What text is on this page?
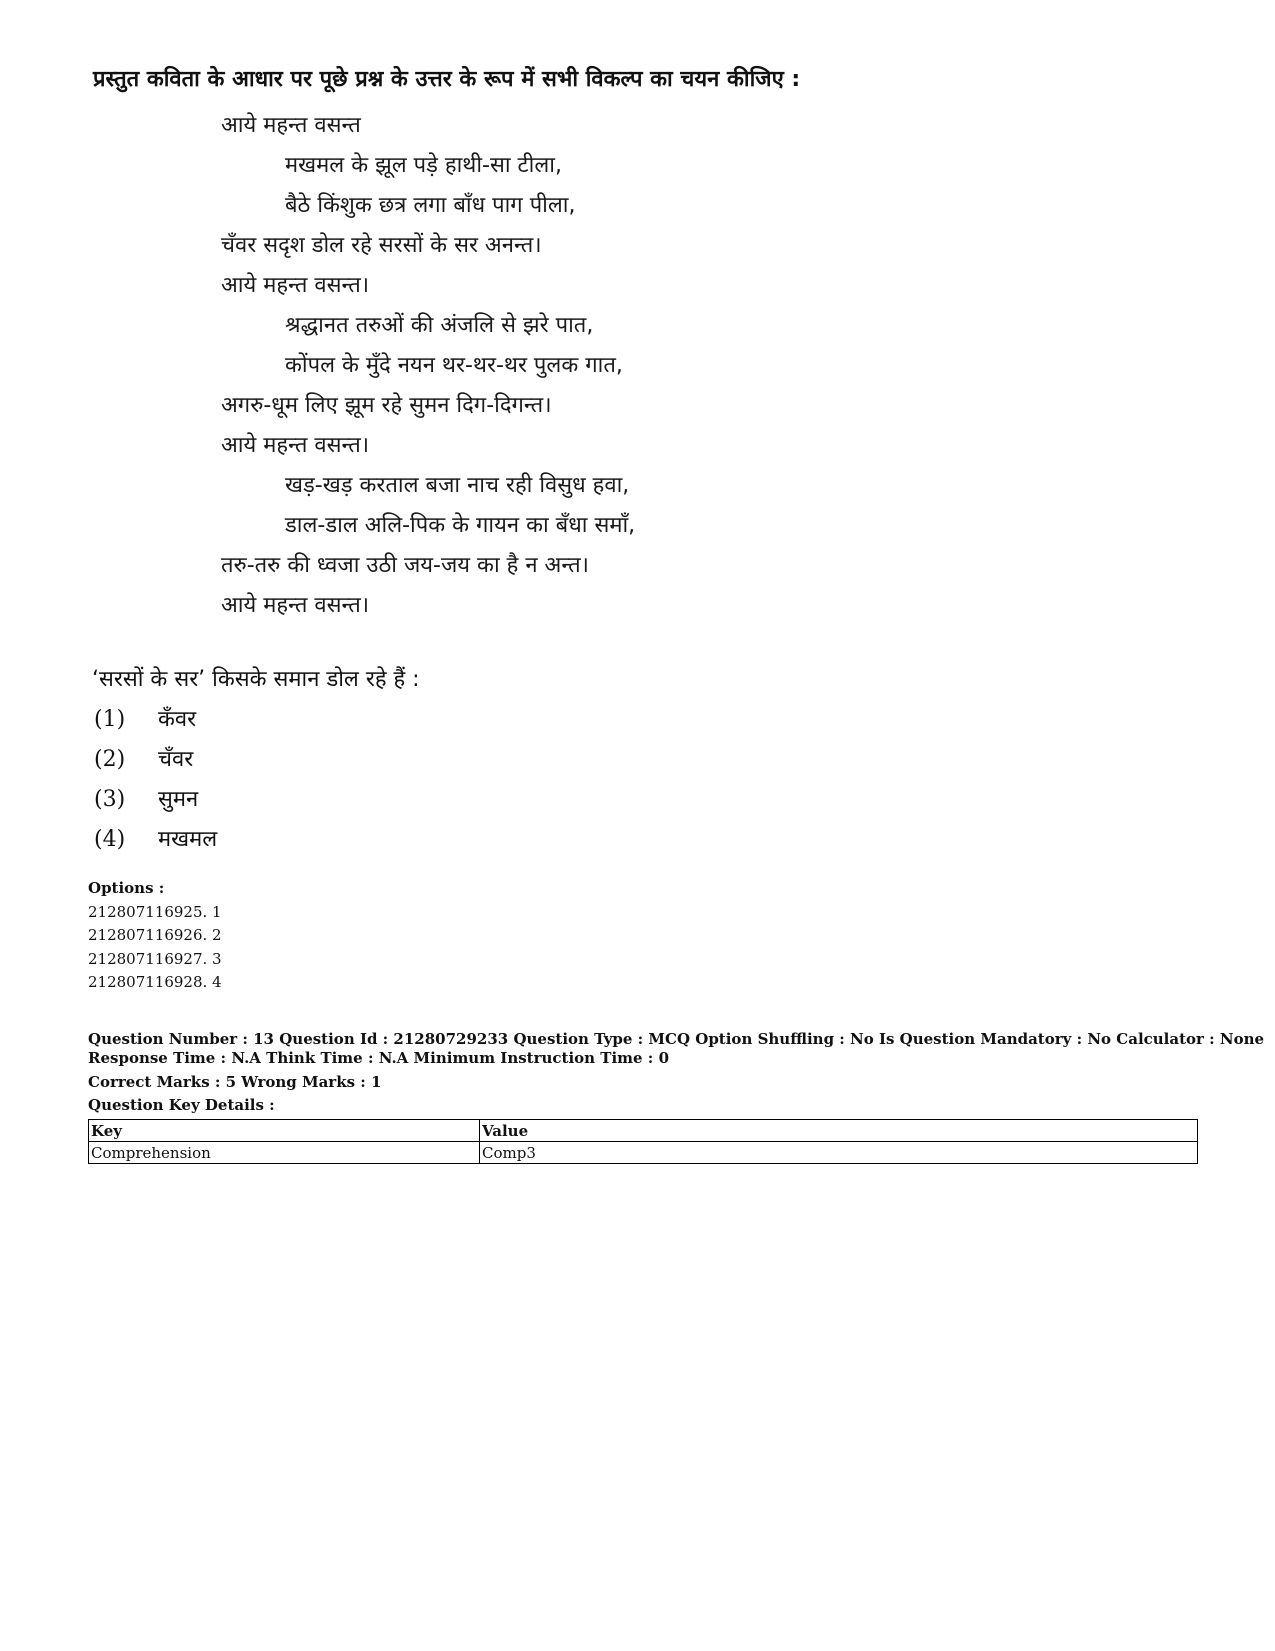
प्रस्तुत कविता के आधार पर पूछे प्रश्न के उत्तर के रूप में सभी विकल्प का चयन कीजिए :
आये महन्त वसन्त
मखमल के झूल पड़े हाथी-सा टीला,
बैठे किंशुक छत्र लगा बाँध पाग पीला,
चँवर सदृश डोल रहे सरसों के सर अनन्त।
आये महन्त वसन्त।
श्रद्धानत तरुओं की अंजलि से झरे पात,
कोंपल के मुँदे नयन थर-थर-थर पुलक गात,
अगरु-धूम लिए झूम रहे सुमन दिग-दिगन्त।
आये महन्त वसन्त।
खड़-खड़ करताल बजा नाच रही विसुध हवा,
डाल-डाल अलि-पिक के गायन का बँधा समाँ,
तरु-तरु की ध्वजा उठी जय-जय का है न अन्त।
आये महन्त वसन्त।
‘सरसों के सर’ किसके समान डोल रहे हैं :
(1) कँवर
(2) चँवर
(3) सुमन
(4) मखमल
Options :
212807116925. 1
212807116926. 2
212807116927. 3
212807116928. 4
Question Number : 13 Question Id : 21280729233 Question Type : MCQ Option Shuffling : No Is Question Mandatory : No Calculator : None
Response Time : N.A Think Time : N.A Minimum Instruction Time : 0
Correct Marks : 5 Wrong Marks : 1
Question Key Details :
Key	Value
Comprehension	Comp3
